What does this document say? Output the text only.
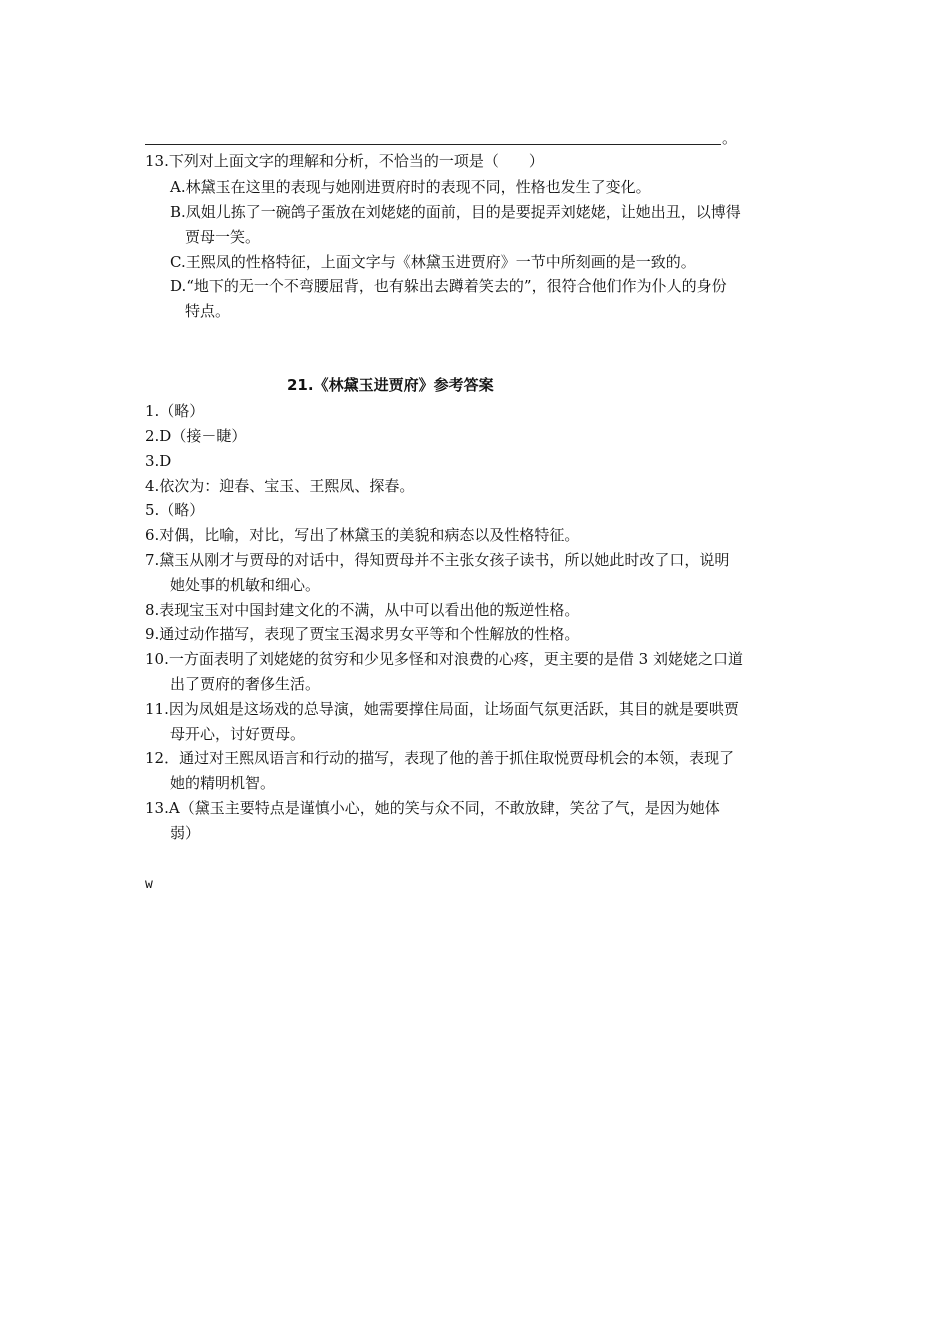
。
13.下列对上面文字的理解和分析，不恰当的一项是（　　）
A.林黛玉在这里的表现与她刚进贾府时的表现不同，性格也发生了变化。
B.凤姐儿拣了一碗鸽子蛋放在刘姥姥的面前，目的是要捉弄刘姥姥，让她出丑，以博得
贾母一笑。
C.王熙凤的性格特征，上面文字与《林黛玉进贾府》一节中所刻画的是一致的。
D.“地下的无一个不弯腰屈背，也有躲出去蹲着笑去的”，很符合他们作为仆人的身份
特点。
21.《林黛玉进贾府》参考答案
1.（略）
2.D（接－睫）
3.D
4.依次为：迎春、宝玉、王熙凤、探春。
5.（略）
6.对偶，比喻，对比，写出了林黛玉的美貌和病态以及性格特征。
7.黛玉从刚才与贾母的对话中，得知贾母并不主张女孩子读书，所以她此时改了口，说明
她处事的机敏和细心。
8.表现宝玉对中国封建文化的不满，从中可以看出他的叛逆性格。
9.通过动作描写，表现了贾宝玉渴求男女平等和个性解放的性格。
10.一方面表明了刘姥姥的贫穷和少见多怪和对浪费的心疼，更主要的是借 3 刘姥姥之口道
出了贾府的奢侈生活。
11.因为凤姐是这场戏的总导演，她需要撑住局面，让场面气氛更活跃，其目的就是要哄贾
母开心，讨好贾母。
12．通过对王熙凤语言和行动的描写，表现了他的善于抓住取悦贾母机会的本领，表现了
她的精明机智。
13.A（黛玉主要特点是谨慎小心，她的笑与众不同，不敢放肆，笑岔了气，是因为她体
弱）
w
